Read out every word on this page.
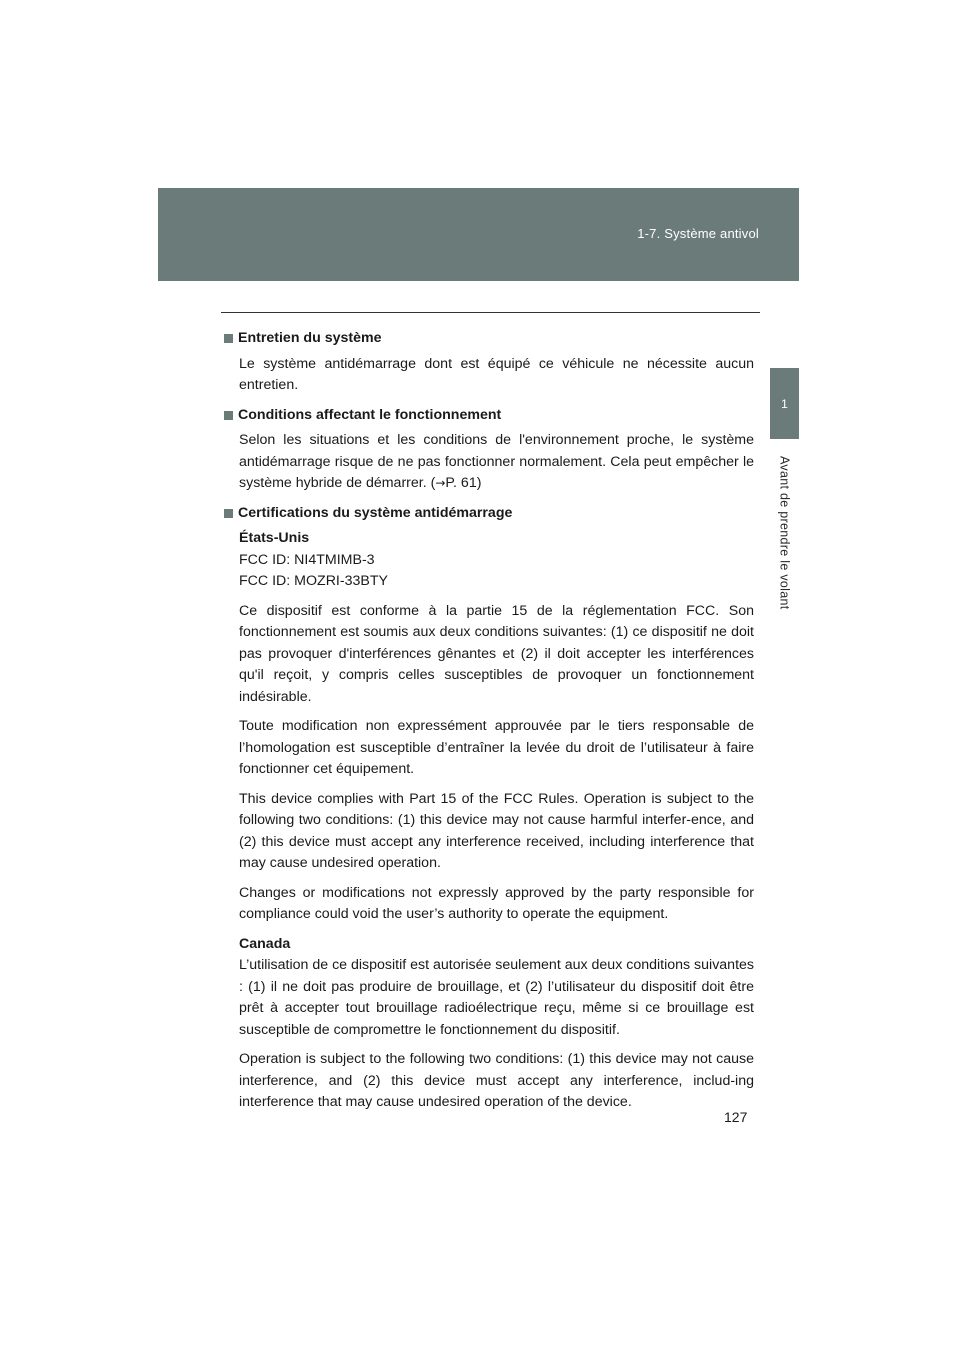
1-7. Système antivol
1
Avant de prendre le volant
Entretien du système

Le système antidémarrage dont est équipé ce véhicule ne nécessite aucun entretien.

Conditions affectant le fonctionnement

Selon les situations et les conditions de l'environnement proche, le système antidémarrage risque de ne pas fonctionner normalement. Cela peut empêcher le système hybride de démarrer. (→P. 61)

Certifications du système antidémarrage
États-Unis
FCC ID: NI4TMIMB-3
FCC ID: MOZRI-33BTY

Ce dispositif est conforme à la partie 15 de la réglementation FCC. Son fonctionnement est soumis aux deux conditions suivantes: (1) ce dispositif ne doit pas provoquer d'interférences gênantes et (2) il doit accepter les interférences qu'il reçoit, y compris celles susceptibles de provoquer un fonctionnement indésirable.

Toute modification non expressément approuvée par le tiers responsable de l’homologation est susceptible d’entraîner la levée du droit de l’utilisateur à faire fonctionner cet équipement.

This device complies with Part 15 of the FCC Rules. Operation is subject to the following two conditions: (1) this device may not cause harmful interfer-ence, and (2) this device must accept any interference received, including interference that may cause undesired operation.

Changes or modifications not expressly approved by the party responsible for compliance could void the user’s authority to operate the equipment.

Canada
L’utilisation de ce dispositif est autorisée seulement aux deux conditions suivantes : (1) il ne doit pas produire de brouillage, et (2) l’utilisateur du dispositif doit être prêt à accepter tout brouillage radioélectrique reçu, même si ce brouillage est susceptible de compromettre le fonctionnement du dispositif.

Operation is subject to the following two conditions: (1) this device may not cause interference, and (2) this device must accept any interference, includ-ing interference that may cause undesired operation of the device.

127
